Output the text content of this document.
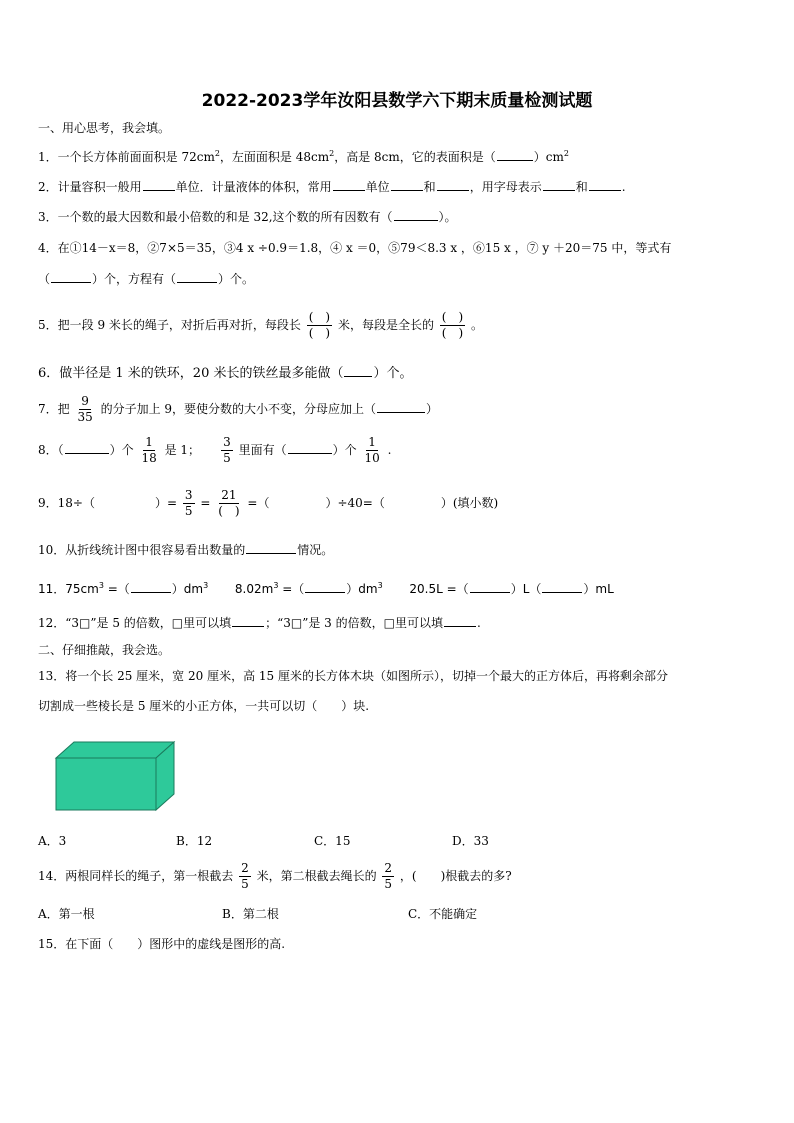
2022-2023学年汝阳县数学六下期末质量检测试题
一、用心思考，我会填。
1．一个长方体前面面积是 $72cm^2$，左面面积是 $48cm^2$，高是 8cm，它的表面积是（	）$cm^2$
2．计量容积一般用	单位．计量液体的体积，常用	单位	和	，用字母表示	和	.
3．一个数的最大因数和最小倍数的和是 32,这个数的所有因数有（	）。
4．在①14－x＝8，②7×5＝35，③4 x ÷0.9＝1.8，④ x ＝0，⑤79＜8.3 x ，⑥15 x ，⑦ y ＋20＝75 中，等式有
（	）个，方程有（	）个。
5．把一段 9 米长的绳子，对折后再对折，每段长 $\frac{( )}{( )}$ 米，每段是全长的 $\frac{( )}{( )}$ 。
6．做半径是 1 米的铁环，20 米长的铁丝最多能做（ ）个。
7．把 $\frac{9}{35}$ 的分子加上 9，要使分数的大小不变，分母应加上（	）
8．（	）个 $\frac{1}{18}$ 是 1； $\frac{3}{5}$ 里面有（	）个 $\frac{1}{10}$ .
9．18÷（	）= $\frac{3}{5} = \frac{21}{( )}$ =（	）÷40=（	）(填小数)
10．从折线统计图中很容易看出数量的	情况。
11．$75cm^3$ =（	）$dm^3$ $8.02m^3$ =（	）$dm^3$ 20.5L =（	）L（	）mL
12．“3□”是 5 的倍数，□里可以填	；“3□”是 3 的倍数，□里可以填	.
二、仔细推敲，我会选。
13．将一个长 25 厘米，宽 20 厘米，高 15 厘米的长方体木块（如图所示），切掉一个最大的正方体后，再将剩余部分
切割成一些棱长是 5 厘米的小正方体，一共可以切（　　）块.
A．3	B．12	C．15	D．33
14．两根同样长的绳子，第一根截去 $\frac{2}{5}$ 米，第二根截去绳长的 $\frac{2}{5}$ ，(　　)根截去的多?
A．第一根	B．第二根	C．不能确定
15．在下面（　　）图形中的虚线是图形的高.
